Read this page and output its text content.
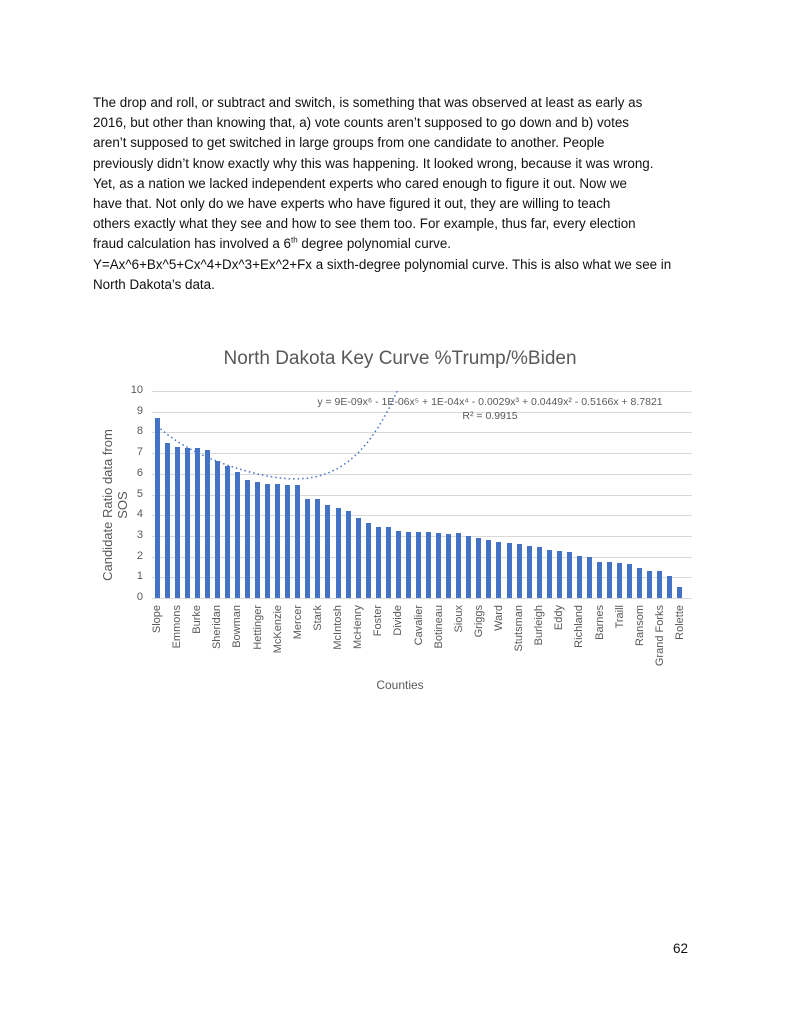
The drop and roll, or subtract and switch, is something that was observed at least as early as

2016, but other than knowing that, a) vote counts aren’t supposed to go down and b) votes

aren’t supposed to get switched in large groups from one candidate to another. People

previously didn’t know exactly why this was happening. It looked wrong, because it was wrong.

Yet, as a nation we lacked independent experts who cared enough to figure it out. Now we

have that. Not only do we have experts who have figured it out, they are willing to teach

others exactly what they see and how to see them too. For example, thus far, every election

fraud calculation has involved a 6th degree polynomial curve.

Y=Ax^6+Bx^5+Cx^4+Dx^3+Ex^2+Fx a sixth-degree polynomial curve. This is also what we see in

North Dakota’s data.

North Dakota Key Curve %Trump/%Biden
Candidate Ratio data from SOS
0
1
2
3
4
5
6
7
8
9
10
y = 9E-09x⁶ - 1E-06x⁵ + 1E-04x⁴ - 0.0029x³ + 0.0449x² - 0.5166x + 8.7821
R² = 0.9915
Slope Emmons Burke Sheridan Bowman Hettinger McKenzie Mercer Stark McIntosh McHenry Foster Divide Cavalier Botineau Sioux Griggs Ward Stutsman Burleigh Eddy Richland Barnes Traill Ransom Grand Forks Rolette
Counties
62
